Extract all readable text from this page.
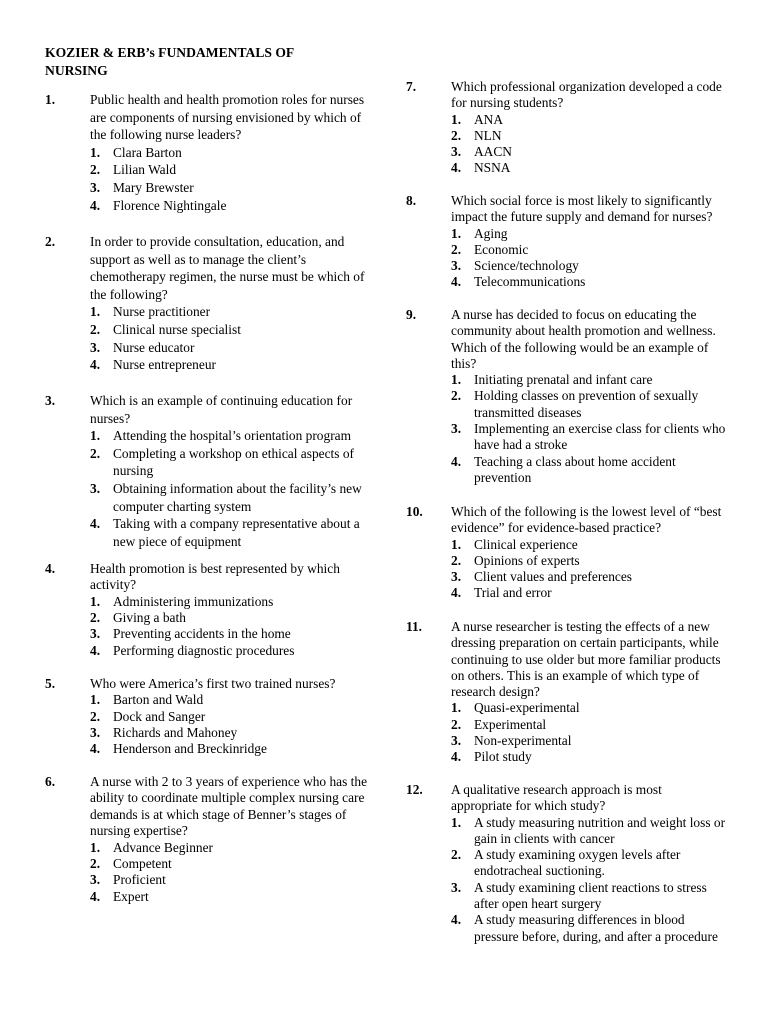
KOZIER & ERB’s FUNDAMENTALS OF NURSING
1.	Public health and health promotion roles for nurses are components of nursing envisioned by which of the following nurse leaders?
1. Clara Barton
2. Lilian Wald
3. Mary Brewster
4. Florence Nightingale
2.	In order to provide consultation, education, and support as well as to manage the client’s chemotherapy regimen, the nurse must be which of the following?
1. Nurse practitioner
2. Clinical nurse specialist
3. Nurse educator
4. Nurse entrepreneur
3.	Which is an example of continuing education for nurses?
1. Attending the hospital’s orientation program
2. Completing a workshop on ethical aspects of nursing
3. Obtaining information about the facility’s new computer charting system
4. Taking with a company representative about a new piece of equipment
4.	Health promotion is best represented by which activity?
1. Administering immunizations
2. Giving a bath
3. Preventing accidents in the home
4. Performing diagnostic procedures
5.	Who were America’s first two trained nurses?
1. Barton and Wald
2. Dock and Sanger
3. Richards and Mahoney
4. Henderson and Breckinridge
6.	A nurse with 2 to 3 years of experience who has the ability to coordinate multiple complex nursing care demands is at which stage of Benner’s stages of nursing expertise?
1. Advance Beginner
2. Competent
3. Proficient
4. Expert
7.	Which professional organization developed a code for nursing students?
1. ANA
2. NLN
3. AACN
4. NSNA
8.	Which social force is most likely to significantly impact the future supply and demand for nurses?
1. Aging
2. Economic
3. Science/technology
4. Telecommunications
9.	A nurse has decided to focus on educating the community about health promotion and wellness. Which of the following would be an example of this?
1. Initiating prenatal and infant care
2. Holding classes on prevention of sexually transmitted diseases
3. Implementing an exercise class for clients who have had a stroke
4. Teaching a class about home accident prevention
10. Which of the following is the lowest level of “best evidence” for evidence-based practice?
1. Clinical experience
2. Opinions of experts
3. Client values and preferences
4. Trial and error
11. A nurse researcher is testing the effects of a new dressing preparation on certain participants, while continuing to use older but more familiar products on others. This is an example of which type of research design?
1. Quasi-experimental
2. Experimental
3. Non-experimental
4. Pilot study
12. A qualitative research approach is most appropriate for which study?
1. A study measuring nutrition and weight loss or gain in clients with cancer
2. A study examining oxygen levels after endotracheal suctioning.
3. A study examining client reactions to stress after open heart surgery
4. A study measuring differences in blood pressure before, during, and after a procedure
